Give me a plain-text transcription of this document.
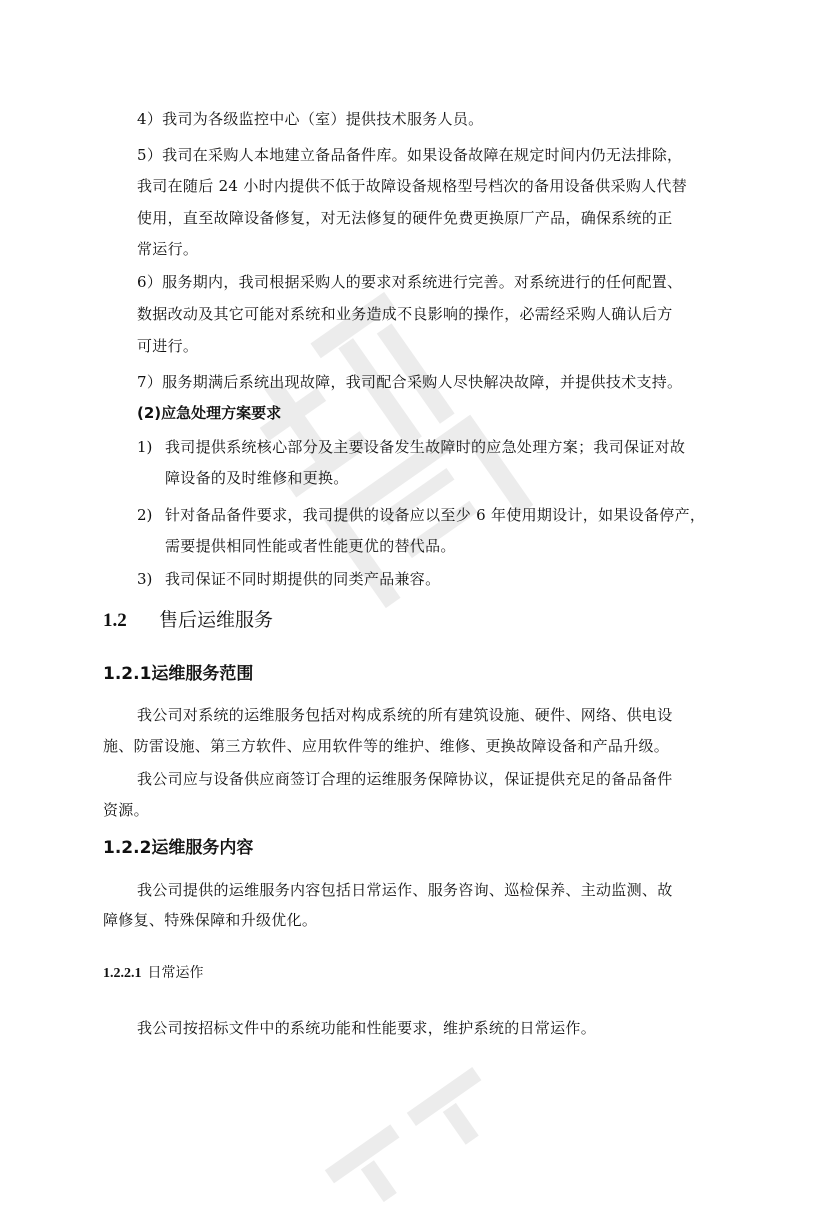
4）我司为各级监控中心（室）提供技术服务人员。
5）我司在采购人本地建立备品备件库。如果设备故障在规定时间内仍无法排除，
我司在随后 24 小时内提供不低于故障设备规格型号档次的备用设备供采购人代替
使用，直至故障设备修复，对无法修复的硬件免费更换原厂产品，确保系统的正
常运行。
6）服务期内，我司根据采购人的要求对系统进行完善。对系统进行的任何配置、
数据改动及其它可能对系统和业务造成不良影响的操作，必需经采购人确认后方
可进行。
7）服务期满后系统出现故障，我司配合采购人尽快解决故障，并提供技术支持。
(2)应急处理方案要求
1) 我司提供系统核心部分及主要设备发生故障时的应急处理方案；我司保证对故
障设备的及时维修和更换。
2) 针对备品备件要求，我司提供的设备应以至少 6 年使用期设计，如果设备停产，
需要提供相同性能或者性能更优的替代品。
3) 我司保证不同时期提供的同类产品兼容。
1.2 售后运维服务
1.2.1运维服务范围
我公司对系统的运维服务包括对构成系统的所有建筑设施、硬件、网络、供电设
施、防雷设施、第三方软件、应用软件等的维护、维修、更换故障设备和产品升级。
我公司应与设备供应商签订合理的运维服务保障协议，保证提供充足的备品备件
资源。
1.2.2运维服务内容
我公司提供的运维服务内容包括日常运作、服务咨询、巡检保养、主动监测、故
障修复、特殊保障和升级优化。
1.2.2.1 日常运作
我公司按招标文件中的系统功能和性能要求，维护系统的日常运作。
